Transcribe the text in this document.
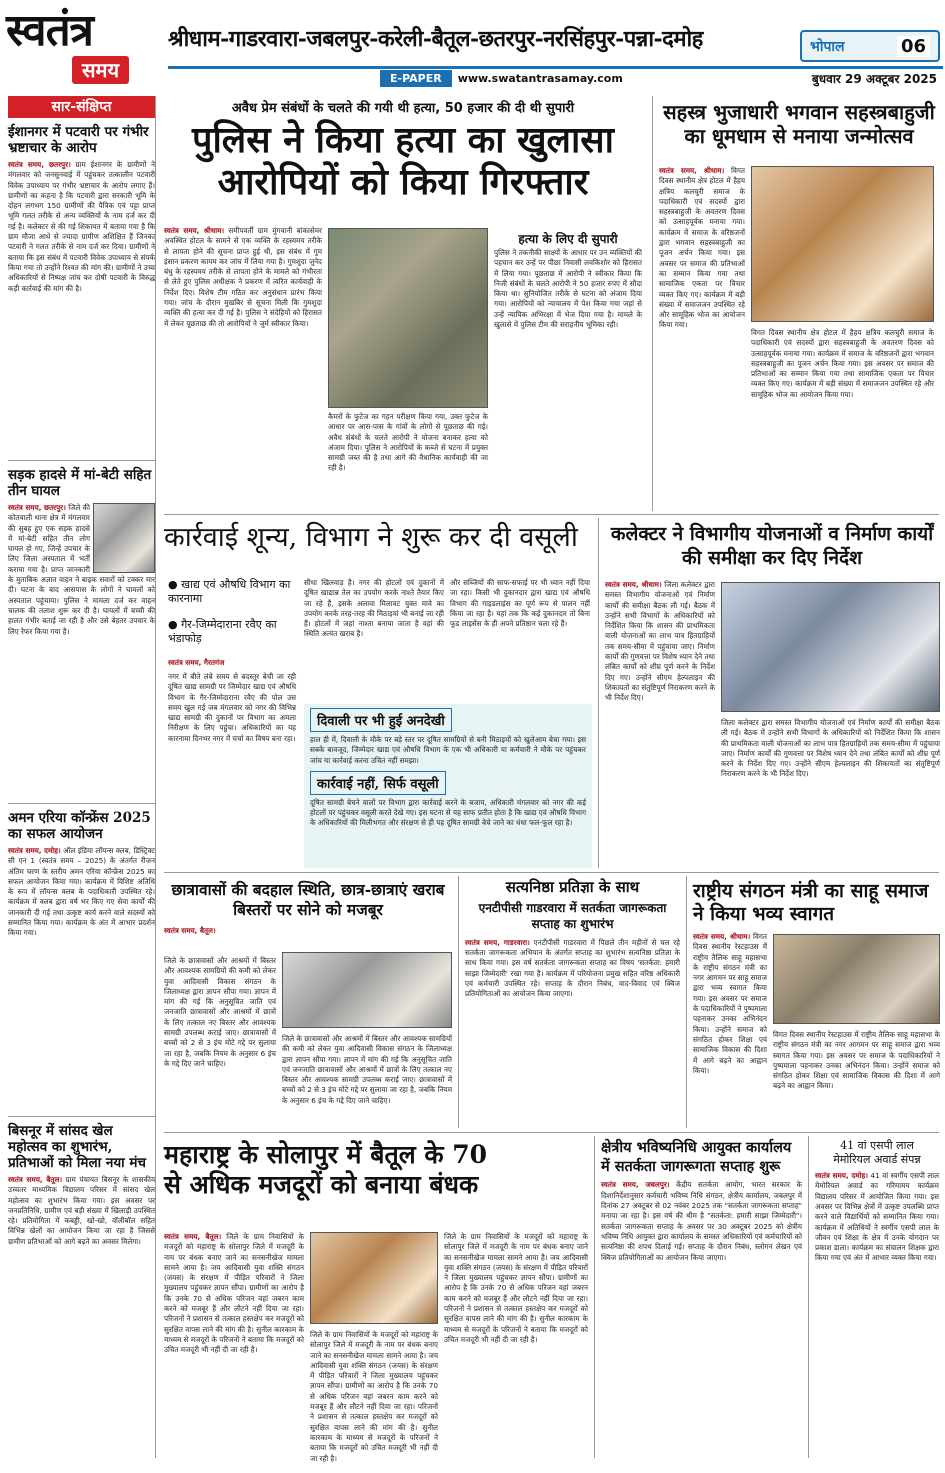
स्वतंत्र
समय
श्रीधाम-गाडरवारा-जबलपुर-करेली-बैतूल-छतरपुर-नरसिंहपुर-पन्ना-दमोह	भोपाल	06
E-PAPER	www.swatantrasamay.com	बुधवार 29 अक्टूबर 2025
सार-संक्षिप्त
ईशानगर में पटवारी पर गंभीर भ्रष्टाचार के आरोप
स्वतंत्र समय, छतरपुर। ग्राम ईशानगर के ग्रामीणों ने मंगलवार को जनसुनवाई में पहुंचकर तत्कालीन पटवारी विवेक उपाध्याय पर गंभीर भ्रष्टाचार के आरोप लगाए हैं। ग्रामीणों का कहना है कि पटवारी द्वारा सरकारी भूमि के दोहन लगभग 150 ग्रामीणों की पैत्रिक एवं पट्टा प्राप्त भूमि गलत तरीके से अन्य व्यक्तियों के नाम दर्ज कर दी गई है। कलेक्टर से की गई शिकायत में बताया गया है कि ग्राम मौजा आधे से ज्यादा ग्रामीण अशिक्षित हैं जिनका पटवारी ने गलत तरीके से नाम दर्ज कर दिया। ग्रामीणों ने बताया कि इस संबंध में पटवारी विवेक उपाध्याय से संपर्क किया गया तो उन्होंने रिश्वत की मांग की। ग्रामीणों ने उच्च अधिकारियों से निष्पक्ष जांच कर दोषी पटवारी के विरुद्ध कड़ी कार्रवाई की मांग की है।
सड़क हादसे में मां-बेटी सहित तीन घायल
स्वतंत्र समय, छतरपुर। जिले की कोतवाली थाना क्षेत्र में मंगलवार की सुबह हुए एक सड़क हादसे में मां-बेटी सहित तीन लोग घायल हो गए, जिन्हें उपचार के लिए जिला अस्पताल में भर्ती कराया गया है। प्राप्त जानकारी के मुताबिक अज्ञात वाहन ने बाइक सवारों को टक्कर मार दी। घटना के बाद आसपास के लोगों ने घायलों को अस्पताल पहुंचाया। पुलिस ने मामला दर्ज कर वाहन चालक की तलाश शुरू कर दी है। घायलों में बच्ची की हालत गंभीर बताई जा रही है और उसे बेहतर उपचार के लिए रेफर किया गया है।
अमन एरिया कॉन्फ्रेंस 2025 का सफल आयोजन
स्वतंत्र समय, दमोह। ऑल इंडिया लॉयन्स क्लब, डिस्ट्रिक्ट सी एन 1 (स्वतंत्र समय – 2025) के अंतर्गत रीजन अंतिम चरण के स्तरीय अमन एरिया कॉन्फ्रेंस 2025 का सफल आयोजन किया गया। कार्यक्रम में विशिष्ट अतिथि के रूप में लॉयन्स क्लब के पदाधिकारी उपस्थित रहे। कार्यक्रम में क्लब द्वारा वर्ष भर किए गए सेवा कार्यों की जानकारी दी गई तथा उत्कृष्ट कार्य करने वाले सदस्यों को सम्मानित किया गया। कार्यक्रम के अंत में आभार प्रदर्शन किया गया।
बिसनूर में सांसद खेल महोत्सव का शुभारंभ, प्रतिभाओं को मिला नया मंच
स्वतंत्र समय, बैतूल। ग्राम पंचायत बिसनूर के शासकीय उच्चतर माध्यमिक विद्यालय परिसर में सांसद खेल महोत्सव का शुभारंभ किया गया। इस अवसर पर जनप्रतिनिधि, ग्रामीण एवं बड़ी संख्या में खिलाड़ी उपस्थित रहे। प्रतियोगिता में कबड्डी, खो-खो, वॉलीबॉल सहित विभिन्न खेलों का आयोजन किया जा रहा है जिससे ग्रामीण प्रतिभाओं को आगे बढ़ने का अवसर मिलेगा।
अवैध प्रेम संबंधों के चलते की गयी थी हत्या, 50 हजार की दी थी सुपारी
पुलिस ने किया हत्या का खुलासा
आरोपियों को किया गिरफ्तार
स्वतंत्र समय, श्रीधाम। समीपवर्ती ग्राम मुंगवानी बांकासेमर अवस्थित होटल के सामने से एक व्यक्ति के रहस्यमय तरीके से लापता होने की सूचना प्राप्त हुई थी, इस संबंध में गुम इंसान प्रकरण कायम कर जांच में लिया गया है। गुमशुदा जुनेद बंधु के रहस्यमय तरीके से लापता होने के मामले को गंभीरता से लेते हुए पुलिस अधीक्षक ने प्रकरण में त्वरित कार्यवाही के निर्देश दिए। विशेष टीम गठित कर अनुसंधान प्रारंभ किया गया। जांच के दौरान मुखबिर से सूचना मिली कि गुमशुदा व्यक्ति की हत्या कर दी गई है। पुलिस ने संदेहियों को हिरासत में लेकर पूछताछ की तो आरोपियों ने जुर्म स्वीकार किया।
कैमरों के फुटेज का गहन परीक्षण किया गया, उक्त फुटेज के आधार पर आस-पास के गांवों के लोगों से पूछताछ की गई। अवैध संबंधों के चलते आरोपी ने योजना बनाकर हत्या को अंजाम दिया। पुलिस ने आरोपियों के कब्जे से घटना में प्रयुक्त सामग्री जब्त की है तथा आगे की वैधानिक कार्यवाही की जा रही है।
हत्या के लिए दी सुपारी
पुलिस ने तकनीकी साक्ष्यों के आधार पर उन व्यक्तियों की पहचान कर उन्हें पर पीछा निवासी लवकिशोर को हिरासत में लिया गया। पूछताछ में आरोपी ने स्वीकार किया कि निजी संबंधों के चलते आरोपी ने 50 हजार रुपए में सौदा किया था। सुनियोजित तरीके से घटना को अंजाम दिया गया। आरोपियों को न्यायालय में पेश किया गया जहां से उन्हें न्यायिक अभिरक्षा में भेज दिया गया है। मामले के खुलासे में पुलिस टीम की सराहनीय भूमिका रही।
सहस्त्र भुजाधारी भगवान सहस्त्रबाहुजी का धूमधाम से मनाया जन्मोत्सव
स्वतंत्र समय, श्रीधाम। विगत दिवस स्थानीय क्षेत्र होटल में हैहय क्षत्रिय कलचुरी समाज के पदाधिकारी एवं सदस्यों द्वारा सहस्त्रबाहुजी के अवतरण दिवस को उत्साहपूर्वक मनाया गया। कार्यक्रम में समाज के वरिष्ठजनों द्वारा भगवान सहस्त्रबाहुजी का पूजन अर्चन किया गया। इस अवसर पर समाज की प्रतिभाओं का सम्मान किया गया तथा सामाजिक एकता पर विचार व्यक्त किए गए। कार्यक्रम में बड़ी संख्या में समाजजन उपस्थित रहे और सामूहिक भोज का आयोजन किया गया।
विगत दिवस स्थानीय क्षेत्र होटल में हैहय क्षत्रिय कलचुरी समाज के पदाधिकारी एवं सदस्यों द्वारा सहस्त्रबाहुजी के अवतरण दिवस को उत्साहपूर्वक मनाया गया। कार्यक्रम में समाज के वरिष्ठजनों द्वारा भगवान सहस्त्रबाहुजी का पूजन अर्चन किया गया। इस अवसर पर समाज की प्रतिभाओं का सम्मान किया गया तथा सामाजिक एकता पर विचार व्यक्त किए गए। कार्यक्रम में बड़ी संख्या में समाजजन उपस्थित रहे और सामूहिक भोज का आयोजन किया गया।
कार्रवाई शून्य, विभाग ने शुरू कर दी वसूली
● खाद्य एवं औषधि विभाग का कारनामा
● गैर-जिम्मेदाराना रवैए का भंडाफोड़
स्वतंत्र समय, गैरतगंज
नगर में बीते लंबे समय से बदस्तूर बेची जा रही दूषित खाद्य सामग्री पर जिम्मेदार खाद्य एवं औषधि विभाग के गैर-जिम्मेदाराना रवैए की पोल उस समय खुल गई जब मंगलवार को नगर की विभिन्न खाद्य सामग्री की दुकानों पर विभाग का अमला निरीक्षण के लिए पहुंचा। अधिकारियों का यह कारनामा दिनभर नगर में चर्चा का विषय बना रहा।
सीधा खिलवाड़ है। नगर की होटलों एवं दुकानों में दूषित खाद्यान्न तेल का उपयोग करके नाश्ते तैयार किए जा रहे हैं, इसके अलावा मिलावट युक्त मावे का उपयोग करके तरह-तरह की मिठाइयां भी बनाई जा रही हैं। होटलों में जहां नाश्ता बनाया जाता है वहां की स्थिति अत्यंत खराब है।
और सब्जियों की साफ-सफाई पर भी ध्यान नहीं दिया जा रहा। किसी भी दुकानदार द्वारा खाद्य एवं औषधि विभाग की गाइडलाइंस का पूर्ण रूप से पालन नहीं किया जा रहा है। यहां तक कि कई दुकानदार तो बिना फूड लाइसेंस के ही अपने प्रतिष्ठान चला रहे हैं।
दिवाली पर भी हुई अनदेखी
हाल ही में, दिवाली के मौके पर बड़े स्तर पर दूषित सामग्रियों से बनी मिठाइयों को खुलेआम बेचा गया। इस सबके बावजूद, जिम्मेदार खाद्य एवं औषधि विभाग के एक भी अधिकारी या कर्मचारी ने मौके पर पहुंचकर जांच या कार्रवाई करना उचित नहीं समझा।
कार्रवाई नहीं, सिर्फ वसूली
दूषित सामग्री बेचने वालों पर विभाग द्वारा कार्रवाई करने के बजाय, अधिकारी मंगलवार को नगर की कई होटलों पर पहुंचकर वसूली करते देखे गए। इस घटना से यह साफ प्रतीत होता है कि खाद्य एवं औषधि विभाग के अधिकारियों की मिलीभगत और संरक्षण से ही यह दूषित सामग्री बेचे जाने का धंधा फल-फूल रहा है।
कलेक्टर ने विभागीय योजनाओं व निर्माण कार्यों की समीक्षा कर दिए निर्देश
स्वतंत्र समय, श्रीधाम। जिला कलेक्टर द्वारा समस्त विभागीय योजनाओं एवं निर्माण कार्यों की समीक्षा बैठक ली गई। बैठक में उन्होंने सभी विभागों के अधिकारियों को निर्देशित किया कि शासन की प्राथमिकता वाली योजनाओं का लाभ पात्र हितग्राहियों तक समय-सीमा में पहुंचाया जाए। निर्माण कार्यों की गुणवत्ता पर विशेष ध्यान देने तथा लंबित कार्यों को शीघ्र पूर्ण करने के निर्देश दिए गए। उन्होंने सीएम हेल्पलाइन की शिकायतों का संतुष्टिपूर्ण निराकरण करने के भी निर्देश दिए।
जिला कलेक्टर द्वारा समस्त विभागीय योजनाओं एवं निर्माण कार्यों की समीक्षा बैठक ली गई। बैठक में उन्होंने सभी विभागों के अधिकारियों को निर्देशित किया कि शासन की प्राथमिकता वाली योजनाओं का लाभ पात्र हितग्राहियों तक समय-सीमा में पहुंचाया जाए। निर्माण कार्यों की गुणवत्ता पर विशेष ध्यान देने तथा लंबित कार्यों को शीघ्र पूर्ण करने के निर्देश दिए गए। उन्होंने सीएम हेल्पलाइन की शिकायतों का संतुष्टिपूर्ण निराकरण करने के भी निर्देश दिए।
छात्रावासों की बदहाल स्थिति, छात्र-छात्राएं खराब बिस्तरों पर सोने को मजबूर
स्वतंत्र समय, बैतूल।
जिले के छात्रावासों और आश्रमों में बिस्तर और आवश्यक सामग्रियों की कमी को लेकर युवा आदिवासी विकास संगठन के जिलाध्यक्ष द्वारा ज्ञापन सौंपा गया। ज्ञापन में मांग की गई कि अनुसूचित जाति एवं जनजाति छात्रावासों और आश्रमों में छात्रों के लिए तत्काल नए बिस्तर और आवश्यक सामग्री उपलब्ध कराई जाए। छात्रावासों में बच्चों को 2 से 3 इंच मोटे गद्दे पर सुलाया जा रहा है, जबकि नियम के अनुसार 6 इंच के गद्दे दिए जाने चाहिए।
जिले के छात्रावासों और आश्रमों में बिस्तर और आवश्यक सामग्रियों की कमी को लेकर युवा आदिवासी विकास संगठन के जिलाध्यक्ष द्वारा ज्ञापन सौंपा गया। ज्ञापन में मांग की गई कि अनुसूचित जाति एवं जनजाति छात्रावासों और आश्रमों में छात्रों के लिए तत्काल नए बिस्तर और आवश्यक सामग्री उपलब्ध कराई जाए। छात्रावासों में बच्चों को 2 से 3 इंच मोटे गद्दे पर सुलाया जा रहा है, जबकि नियम के अनुसार 6 इंच के गद्दे दिए जाने चाहिए।
सत्यनिष्ठा प्रतिज्ञा के साथ
एनटीपीसी गाडरवारा में सतर्कता जागरूकता सप्ताह का शुभारंभ
स्वतंत्र समय, गाडरवारा। एनटीपीसी गाडरवारा में पिछले तीन महीनों से चल रहे सतर्कता जागरूकता अभियान के अंतर्गत सप्ताह का शुभारंभ सत्यनिष्ठा प्रतिज्ञा के साथ किया गया। इस वर्ष सतर्कता जागरूकता सप्ताह का विषय 'सतर्कता: हमारी साझा जिम्मेदारी' रखा गया है। कार्यक्रम में परियोजना प्रमुख सहित वरिष्ठ अधिकारी एवं कर्मचारी उपस्थित रहे। सप्ताह के दौरान निबंध, वाद-विवाद एवं क्विज प्रतियोगिताओं का आयोजन किया जाएगा।
राष्ट्रीय संगठन मंत्री का साहू समाज ने किया भव्य स्वागत
स्वतंत्र समय, श्रीधाम। विगत दिवस स्थानीय रेस्टहाउस में राष्ट्रीय तैलिक साहू महासभा के राष्ट्रीय संगठन मंत्री का नगर आगमन पर साहू समाज द्वारा भव्य स्वागत किया गया। इस अवसर पर समाज के पदाधिकारियों ने पुष्पमाला पहनाकर उनका अभिनंदन किया। उन्होंने समाज को संगठित होकर शिक्षा एवं सामाजिक विकास की दिशा में आगे बढ़ने का आह्वान किया।
विगत दिवस स्थानीय रेस्टहाउस में राष्ट्रीय तैलिक साहू महासभा के राष्ट्रीय संगठन मंत्री का नगर आगमन पर साहू समाज द्वारा भव्य स्वागत किया गया। इस अवसर पर समाज के पदाधिकारियों ने पुष्पमाला पहनाकर उनका अभिनंदन किया। उन्होंने समाज को संगठित होकर शिक्षा एवं सामाजिक विकास की दिशा में आगे बढ़ने का आह्वान किया।
महाराष्ट्र के सोलापुर में बैतूल के 70
से अधिक मजदूरों को बनाया बंधक
स्वतंत्र समय, बैतूल। जिले के ग्राम निवासियों के मजदूरों को महाराष्ट्र के सोलापुर जिले में मजदूरी के नाम पर बंधक बनाए जाने का सनसनीखेज मामला सामने आया है। जय आदिवासी युवा शक्ति संगठन (जयस) के संरक्षण में पीड़ित परिवारों ने जिला मुख्यालय पहुंचकर ज्ञापन सौंपा। ग्रामीणों का आरोप है कि उनके 70 से अधिक परिजन वहां जबरन काम करने को मजबूर हैं और लौटने नहीं दिया जा रहा। परिजनों ने प्रशासन से तत्काल हस्तक्षेप कर मजदूरों को सुरक्षित वापस लाने की मांग की है। सुनील कारकाम के माध्यम से मजदूरों के परिजनों ने बताया कि मजदूरों को उचित मजदूरी भी नहीं दी जा रही है।
जिले के ग्राम निवासियों के मजदूरों को महाराष्ट्र के सोलापुर जिले में मजदूरी के नाम पर बंधक बनाए जाने का सनसनीखेज मामला सामने आया है। जय आदिवासी युवा शक्ति संगठन (जयस) के संरक्षण में पीड़ित परिवारों ने जिला मुख्यालय पहुंचकर ज्ञापन सौंपा। ग्रामीणों का आरोप है कि उनके 70 से अधिक परिजन वहां जबरन काम करने को मजबूर हैं और लौटने नहीं दिया जा रहा। परिजनों ने प्रशासन से तत्काल हस्तक्षेप कर मजदूरों को सुरक्षित वापस लाने की मांग की है। सुनील कारकाम के माध्यम से मजदूरों के परिजनों ने बताया कि मजदूरों को उचित मजदूरी भी नहीं दी जा रही है।
जिले के ग्राम निवासियों के मजदूरों को महाराष्ट्र के सोलापुर जिले में मजदूरी के नाम पर बंधक बनाए जाने का सनसनीखेज मामला सामने आया है। जय आदिवासी युवा शक्ति संगठन (जयस) के संरक्षण में पीड़ित परिवारों ने जिला मुख्यालय पहुंचकर ज्ञापन सौंपा। ग्रामीणों का आरोप है कि उनके 70 से अधिक परिजन वहां जबरन काम करने को मजबूर हैं और लौटने नहीं दिया जा रहा। परिजनों ने प्रशासन से तत्काल हस्तक्षेप कर मजदूरों को सुरक्षित वापस लाने की मांग की है। सुनील कारकाम के माध्यम से मजदूरों के परिजनों ने बताया कि मजदूरों को उचित मजदूरी भी नहीं दी जा रही है।
क्षेत्रीय भविष्यनिधि आयुक्त कार्यालय
में सतर्कता जागरूगता सप्ताह शुरू
स्वतंत्र समय, जबलपुर। केंद्रीय सतर्कता आयोग, भारत सरकार के दिशानिर्देशानुसार कर्मचारी भविष्य निधि संगठन, क्षेत्रीय कार्यालय, जबलपुर में दिनांक 27 अक्टूबर से 02 नवंबर 2025 तक "सतर्कता जागरूकता सप्ताह" मनाया जा रहा है। इस वर्ष की थीम है "सतर्कता: हमारी साझा जिम्मेदारी"। सतर्कता जागरूकता सप्ताह के अवसर पर 30 अक्टूबर 2025 को क्षेत्रीय भविष्य निधि आयुक्त द्वारा कार्यालय के समस्त अधिकारियों एवं कर्मचारियों को सत्यनिष्ठा की शपथ दिलाई गई। सप्ताह के दौरान निबंध, स्लोगन लेखन एवं क्विज प्रतियोगिताओं का आयोजन किया जाएगा।
41 वां एसपी लाल
मेमोरियल अवार्ड संपन्न
स्वतंत्र समय, दमोह। 41 वां स्वर्गीय एसपी लाल मेमोरियल अवार्ड का गरिमामय कार्यक्रम विद्यालय परिसर में आयोजित किया गया। इस अवसर पर विभिन्न क्षेत्रों में उत्कृष्ट उपलब्धि प्राप्त करने वाले विद्यार्थियों को सम्मानित किया गया। कार्यक्रम में अतिथियों ने स्वर्गीय एसपी लाल के जीवन एवं शिक्षा के क्षेत्र में उनके योगदान पर प्रकाश डाला। कार्यक्रम का संचालन शिक्षक द्वारा किया गया एवं अंत में आभार व्यक्त किया गया।
